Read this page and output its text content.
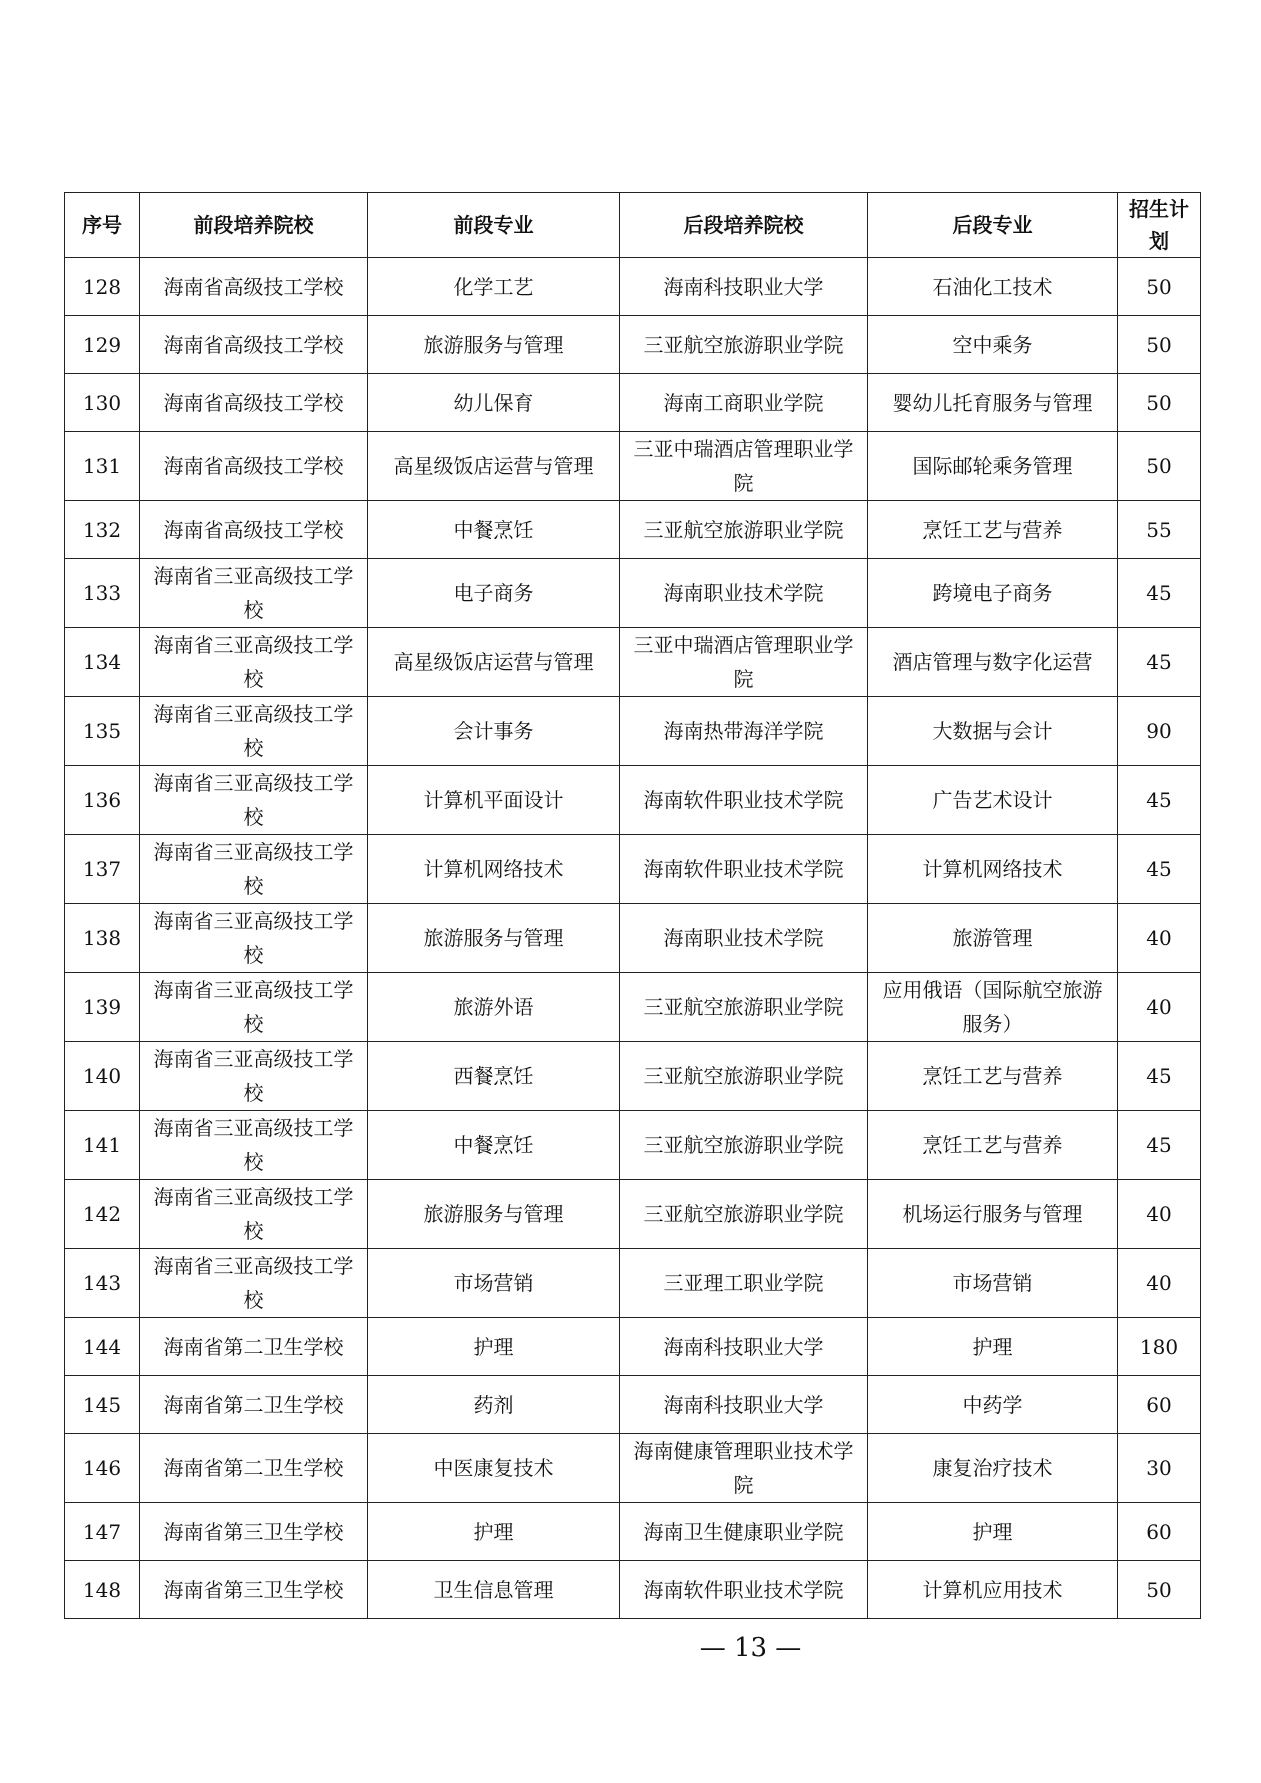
序号	前段培养院校	前段专业	后段培养院校	后段专业	招生计划
128	海南省高级技工学校	化学工艺	海南科技职业大学	石油化工技术	50
129	海南省高级技工学校	旅游服务与管理	三亚航空旅游职业学院	空中乘务	50
130	海南省高级技工学校	幼儿保育	海南工商职业学院	婴幼儿托育服务与管理	50
131	海南省高级技工学校	高星级饭店运营与管理	三亚中瑞酒店管理职业学院	国际邮轮乘务管理	50
132	海南省高级技工学校	中餐烹饪	三亚航空旅游职业学院	烹饪工艺与营养	55
133	海南省三亚高级技工学校	电子商务	海南职业技术学院	跨境电子商务	45
134	海南省三亚高级技工学校	高星级饭店运营与管理	三亚中瑞酒店管理职业学院	酒店管理与数字化运营	45
135	海南省三亚高级技工学校	会计事务	海南热带海洋学院	大数据与会计	90
136	海南省三亚高级技工学校	计算机平面设计	海南软件职业技术学院	广告艺术设计	45
137	海南省三亚高级技工学校	计算机网络技术	海南软件职业技术学院	计算机网络技术	45
138	海南省三亚高级技工学校	旅游服务与管理	海南职业技术学院	旅游管理	40
139	海南省三亚高级技工学校	旅游外语	三亚航空旅游职业学院	应用俄语（国际航空旅游服务）	40
140	海南省三亚高级技工学校	西餐烹饪	三亚航空旅游职业学院	烹饪工艺与营养	45
141	海南省三亚高级技工学校	中餐烹饪	三亚航空旅游职业学院	烹饪工艺与营养	45
142	海南省三亚高级技工学校	旅游服务与管理	三亚航空旅游职业学院	机场运行服务与管理	40
143	海南省三亚高级技工学校	市场营销	三亚理工职业学院	市场营销	40
144	海南省第二卫生学校	护理	海南科技职业大学	护理	180
145	海南省第二卫生学校	药剂	海南科技职业大学	中药学	60
146	海南省第二卫生学校	中医康复技术	海南健康管理职业技术学院	康复治疗技术	30
147	海南省第三卫生学校	护理	海南卫生健康职业学院	护理	60
148	海南省第三卫生学校	卫生信息管理	海南软件职业技术学院	计算机应用技术	50
— 13 —
